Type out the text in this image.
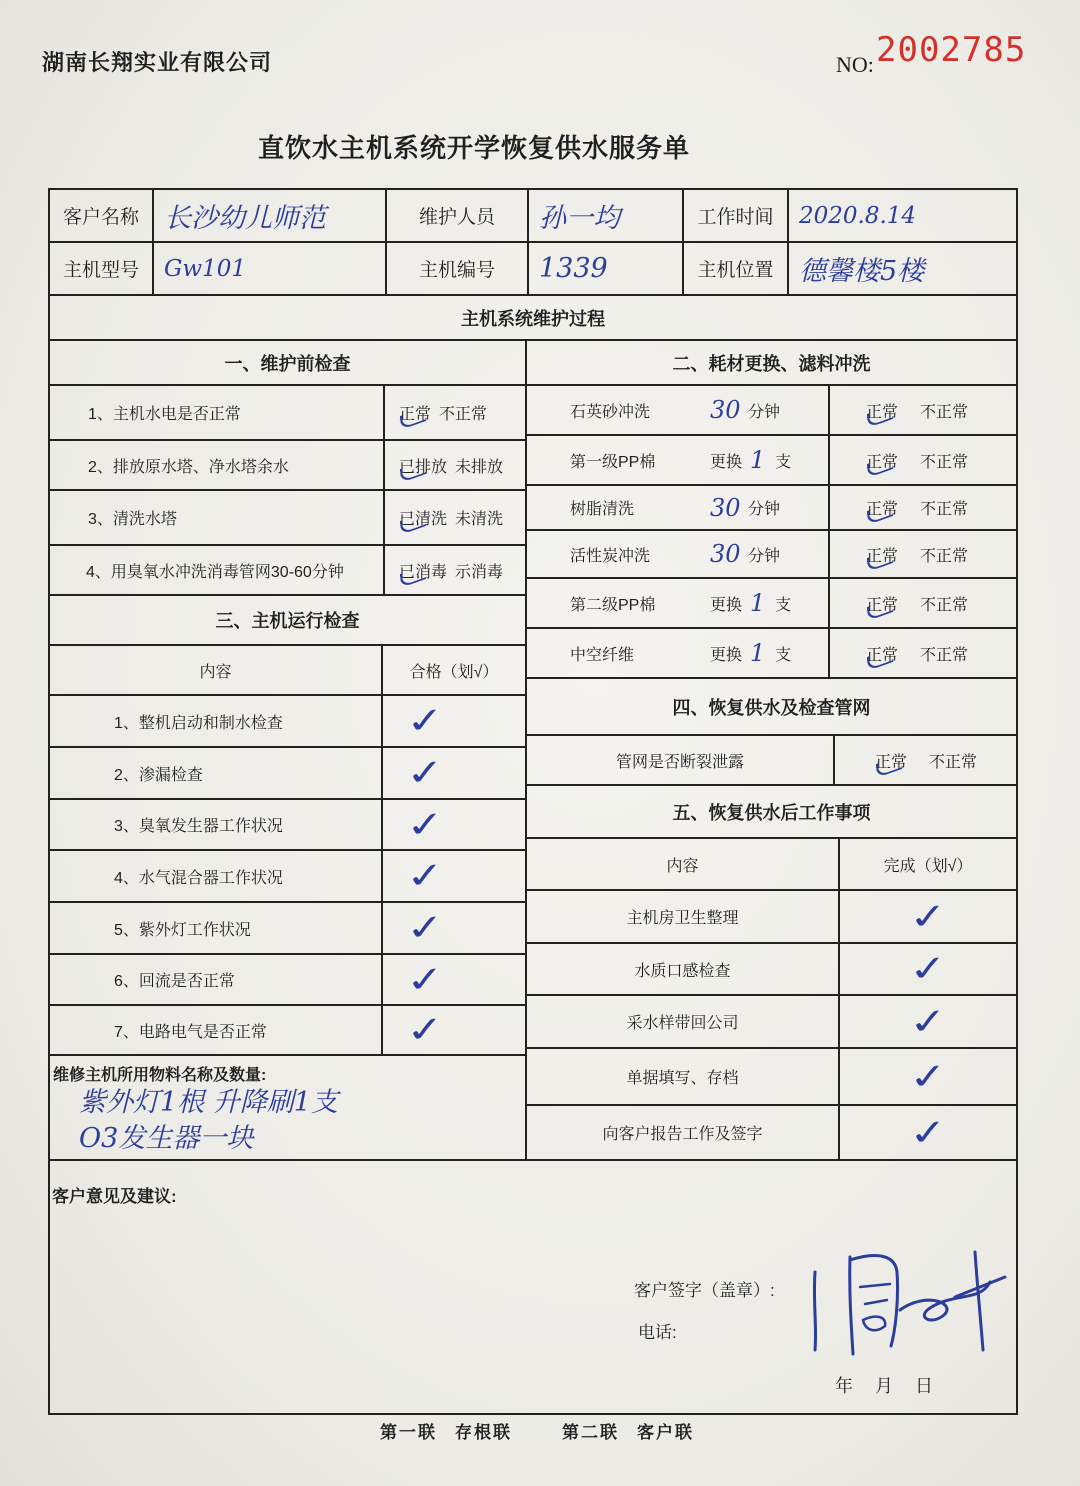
湖南长翔实业有限公司	NO: 2002785
直饮水主机系统开学恢复供水服务单
客户名称 长沙幼儿师范	维护人员	孙一均	工作时间	2020.8.14
主机型号	Gw101	主机编号	1339	主机位置 德馨楼5楼
主机系统维护过程
一、维护前检查
1、主机水电是否正常	正常 不正常
2、排放原水塔、净水塔余水	已排放 未排放
3、清洗水塔	已清洗 未清洗
4、用臭氧水冲洗消毒管网30-60分钟	已消毒 示消毒
三、主机运行检查
内容	合格（划√）
1、整机启动和制水检查	✓
2、渗漏检查	✓
3、臭氧发生器工作状况	✓
4、水气混合器工作状况	✓
5、紫外灯工作状况	✓
6、回流是否正常	✓
7、电路电气是否正常	✓
维修主机所用物料名称及数量:
紫外灯1根 升降刷1支
O3发生器一块
二、耗材更换、滤料冲洗
石英砂冲洗	30 分钟	正常 不正常
第一级PP棉	更换 1 支	正常 不正常
树脂清洗	30 分钟	正常 不正常
活性炭冲洗	30 分钟	正常 不正常
第二级PP棉	更换 1 支	正常 不正常
中空纤维	更换 1 支	正常 不正常
四、恢复供水及检查管网
管网是否断裂泄露	正常 不正常
五、恢复供水后工作事项
内容	完成（划√）
主机房卫生整理	✓
水质口感检查	✓
采水样带回公司	✓
单据填写、存档	✓
向客户报告工作及签字	✓
客户意见及建议:
客户签字（盖章）:
电话:
年 月 日
第一联 存根联	第二联 客户联
